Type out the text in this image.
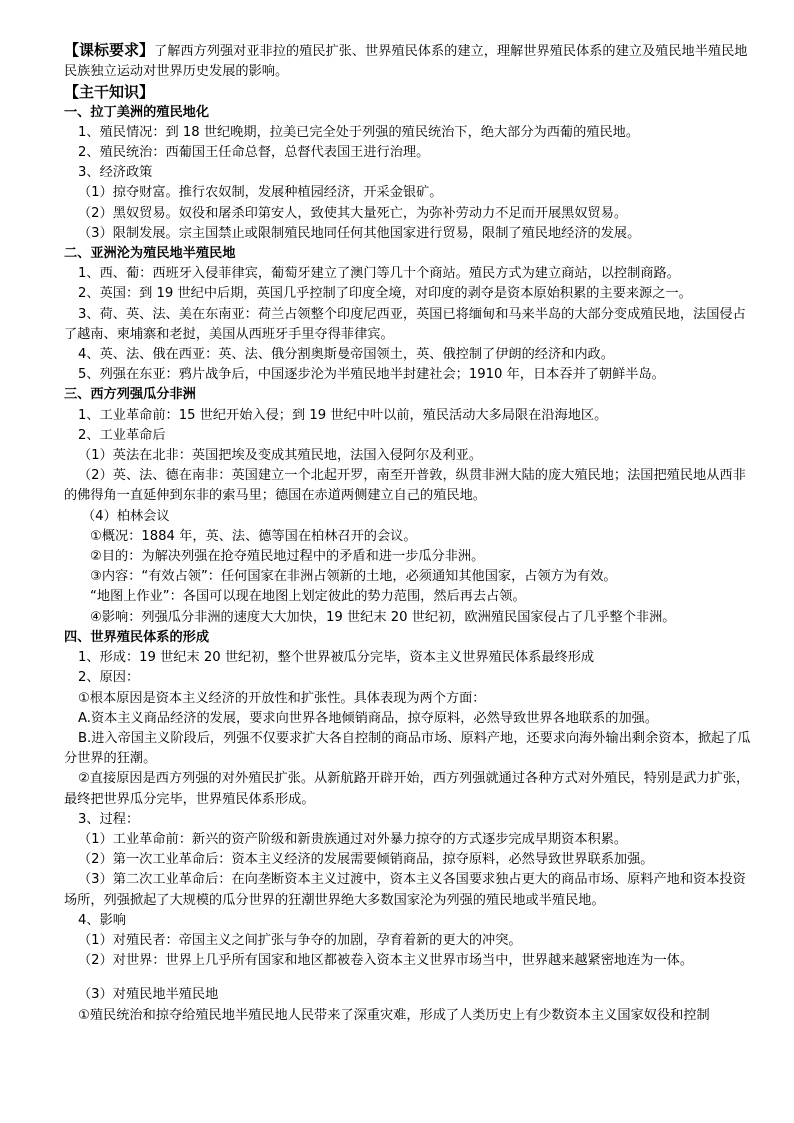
【课标要求】了解西方列强对亚非拉的殖民扩张、世界殖民体系的建立，理解世界殖民体系的建立及殖民地半殖民地民族独立运动对世界历史发展的影响。

【主干知识】

一、拉丁美洲的殖民地化

1、殖民情况：到 18 世纪晚期，拉美已完全处于列强的殖民统治下，绝大部分为西葡的殖民地。

2、殖民统治：西葡国王任命总督，总督代表国王进行治理。

3、经济政策

（1）掠夺财富。推行农奴制，发展种植园经济，开采金银矿。

（2）黑奴贸易。奴役和屠杀印第安人，致使其大量死亡，为弥补劳动力不足而开展黑奴贸易。

（3）限制发展。宗主国禁止或限制殖民地同任何其他国家进行贸易，限制了殖民地经济的发展。

二、亚洲沦为殖民地半殖民地

1、西、葡：西班牙入侵菲律宾，葡萄牙建立了澳门等几十个商站。殖民方式为建立商站，以控制商路。

2、英国：到 19 世纪中后期，英国几乎控制了印度全境，对印度的剥夺是资本原始积累的主要来源之一。

3、荷、英、法、美在东南亚：荷兰占领整个印度尼西亚，英国已将缅甸和马来半岛的大部分变成殖民地，法国侵占了越南、柬埔寨和老挝，美国从西班牙手里夺得菲律宾。

4、英、法、俄在西亚：英、法、俄分割奥斯曼帝国领土，英、俄控制了伊朗的经济和内政。

5、列强在东亚：鸦片战争后，中国逐步沦为半殖民地半封建社会；1910 年，日本吞并了朝鲜半岛。

三、西方列强瓜分非洲

1、工业革命前：15 世纪开始入侵；到 19 世纪中叶以前，殖民活动大多局限在沿海地区。

2、工业革命后

（1）英法在北非：英国把埃及变成其殖民地，法国入侵阿尔及利亚。

（2）英、法、德在南非：英国建立一个北起开罗，南至开普敦，纵贯非洲大陆的庞大殖民地；法国把殖民地从西非的佛得角一直延伸到东非的索马里；德国在赤道两侧建立自己的殖民地。

（4）柏林会议

①概况：1884 年，英、法、德等国在柏林召开的会议。

②目的：为解决列强在抢夺殖民地过程中的矛盾和进一步瓜分非洲。

③内容：“有效占领”：任何国家在非洲占领新的土地，必须通知其他国家，占领方为有效。

“地图上作业”：各国可以现在地图上划定彼此的势力范围，然后再去占领。

④影响：列强瓜分非洲的速度大大加快，19 世纪末 20 世纪初，欧洲殖民国家侵占了几乎整个非洲。

四、世界殖民体系的形成

1、形成：19 世纪末 20 世纪初，整个世界被瓜分完毕，资本主义世界殖民体系最终形成

2、原因：

①根本原因是资本主义经济的开放性和扩张性。具体表现为两个方面：

A.资本主义商品经济的发展，要求向世界各地倾销商品，掠夺原料，必然导致世界各地联系的加强。

B.进入帝国主义阶段后，列强不仅要求扩大各自控制的商品市场、原料产地，还要求向海外输出剩余资本，掀起了瓜分世界的狂潮。

②直接原因是西方列强的对外殖民扩张。从新航路开辟开始，西方列强就通过各种方式对外殖民，特别是武力扩张，最终把世界瓜分完毕，世界殖民体系形成。

3、过程：

（1）工业革命前：新兴的资产阶级和新贵族通过对外暴力掠夺的方式逐步完成早期资本积累。

（2）第一次工业革命后：资本主义经济的发展需要倾销商品，掠夺原料，必然导致世界联系加强。

（3）第二次工业革命后：在向垄断资本主义过渡中，资本主义各国要求独占更大的商品市场、原料产地和资本投资场所，列强掀起了大规模的瓜分世界的狂潮世界绝大多数国家沦为列强的殖民地或半殖民地。

4、影响

（1）对殖民者：帝国主义之间扩张与争夺的加剧，孕育着新的更大的冲突。

（2）对世界：世界上几乎所有国家和地区都被卷入资本主义世界市场当中，世界越来越紧密地连为一体。

（3）对殖民地半殖民地

①殖民统治和掠夺给殖民地半殖民地人民带来了深重灾难，形成了人类历史上有少数资本主义国家奴役和控制
